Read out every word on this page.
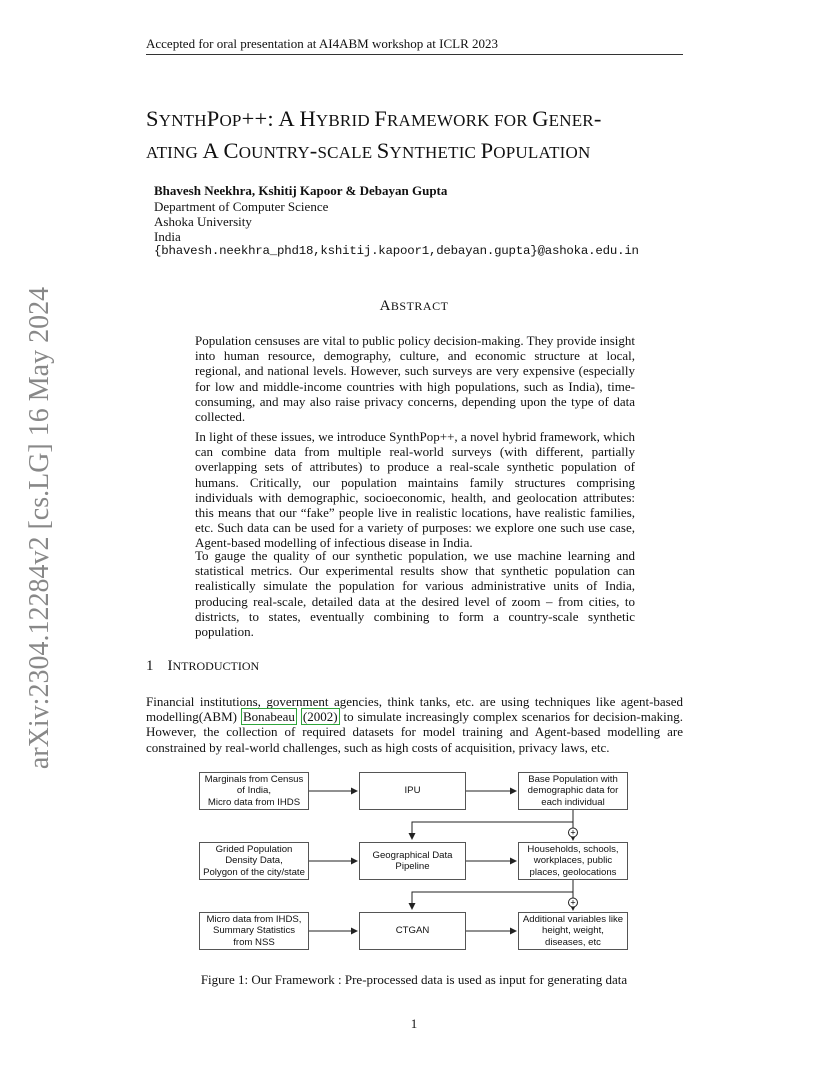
Accepted for oral presentation at AI4ABM workshop at ICLR 2023
SYNTHPOP++: A HYBRID FRAMEWORK FOR GENER-
ATING A COUNTRY-SCALE SYNTHETIC POPULATION
Bhavesh Neekhra, Kshitij Kapoor & Debayan Gupta
Department of Computer Science
Ashoka University
India
{bhavesh.neekhra_phd18,kshitij.kapoor1,debayan.gupta}@ashoka.edu.in
arXiv:2304.12284v2 [cs.LG] 16 May 2024	ABSTRACT
Population censuses are vital to public policy decision-making. They provide insight into human resource, demography, culture, and economic structure at local, regional, and national levels. However, such surveys are very expensive (especially for low and middle-income countries with high populations, such as India), time-consuming, and may also raise privacy concerns, depending upon the type of data collected.
In light of these issues, we introduce SynthPop++, a novel hybrid framework, which can combine data from multiple real-world surveys (with different, partially overlapping sets of attributes) to produce a real-scale synthetic population of humans. Critically, our population maintains family structures comprising individuals with demographic, socioeconomic, health, and geolocation attributes: this means that our “fake” people live in realistic locations, have realistic families, etc. Such data can be used for a variety of purposes: we explore one such use case, Agent-based modelling of infectious disease in India.
To gauge the quality of our synthetic population, we use machine learning and statistical metrics. Our experimental results show that synthetic population can realistically simulate the population for various administrative units of India, producing real-scale, detailed data at the desired level of zoom – from cities, to districts, to states, eventually combining to form a country-scale synthetic population.
1 INTRODUCTION
Financial institutions, government agencies, think tanks, etc. are using techniques like agent-based modelling(ABM) Bonabeau (2002) to simulate increasingly complex scenarios for decision-making. However, the collection of required datasets for model training and Agent-based modelling are constrained by real-world challenges, such as high costs of acquisition, privacy laws, etc.
+
+
Marginals from Census
of India,
Micro data from IHDS
IPU
Base Population with
demographic data for
each individual
Grided Population
Density Data,
Polygon of the city/state
Geographical Data
Pipeline
Households, schools,
workplaces, public
places, geolocations
Micro data from IHDS,
Summary Statistics
from NSS
CTGAN
Additional variables like
height, weight,
diseases, etc
Figure 1: Our Framework : Pre-processed data is used as input for generating data
1
